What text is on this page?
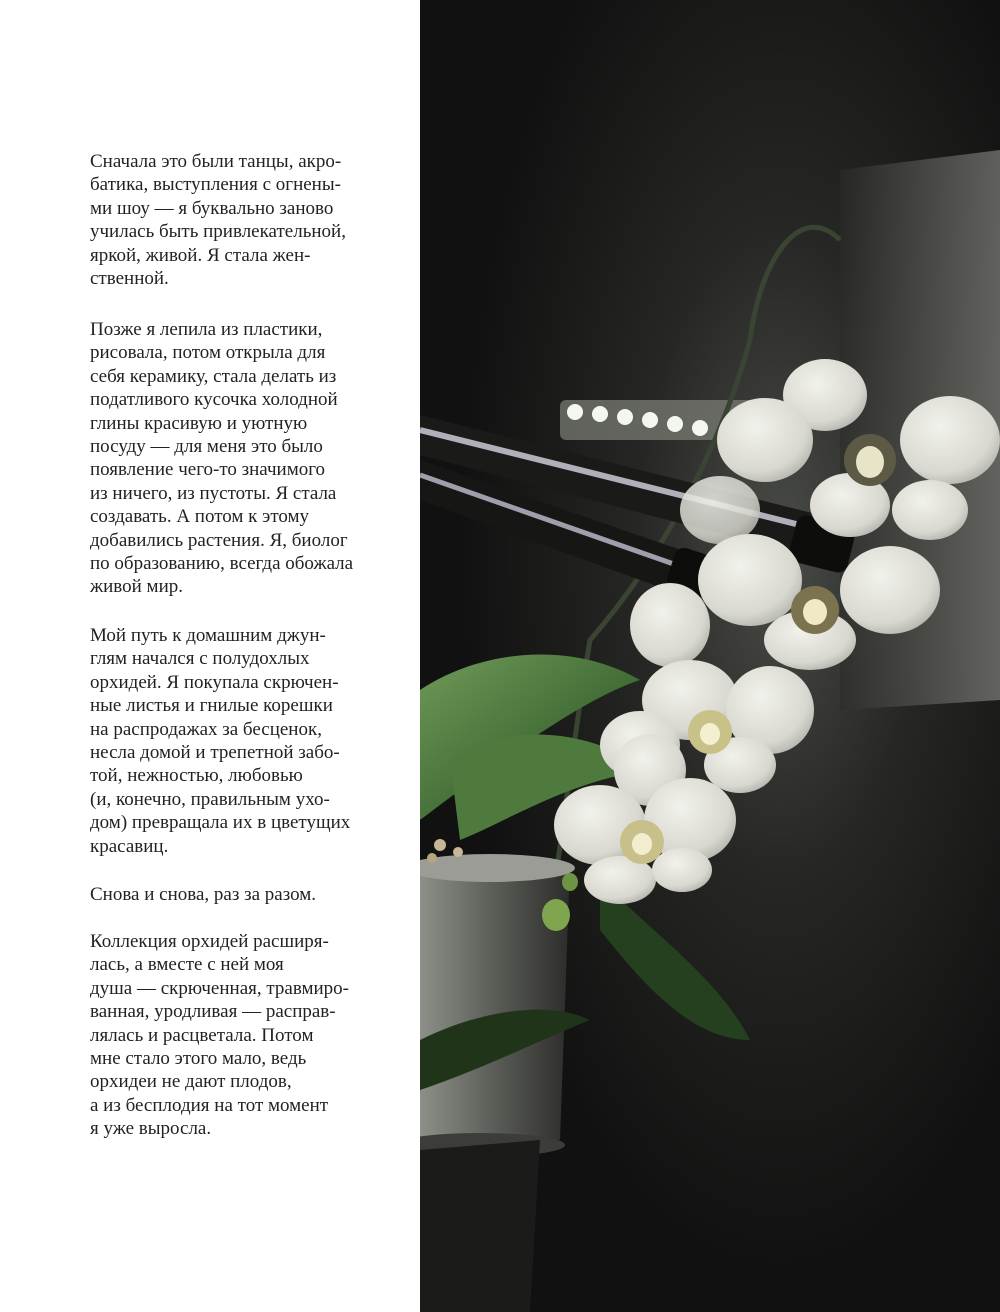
Сначала это были танцы, акро-
батика, выступления с огнены-
ми шоу — я буквально заново
училась быть привлекательной,
яркой, живой. Я стала жен-
ственной.

Позже я лепила из пластики,
рисовала, потом открыла для
себя керамику, стала делать из
податливого кусочка холодной
глины красивую и уютную
посуду — для меня это было
появление чего-то значимого
из ничего, из пустоты. Я стала
создавать. А потом к этому
добавились растения. Я, биолог
по образованию, всегда обожала
живой мир.

Мой путь к домашним джун-
глям начался с полудохлых
орхидей. Я покупала скрючен-
ные листья и гнилые корешки
на распродажах за бесценок,
несла домой и трепетной забо-
той, нежностью, любовью
(и, конечно, правильным ухо-
дом) превращала их в цветущих
красавиц.

Снова и снова, раз за разом.

Коллекция орхидей расширя-
лась, а вместе с ней моя
душа — скрюченная, травмиро-
ванная, уродливая — расправ-
лялась и расцветала. Потом
мне стало этого мало, ведь
орхидеи не дают плодов,
а из бесплодия на тот момент
я уже выросла.
